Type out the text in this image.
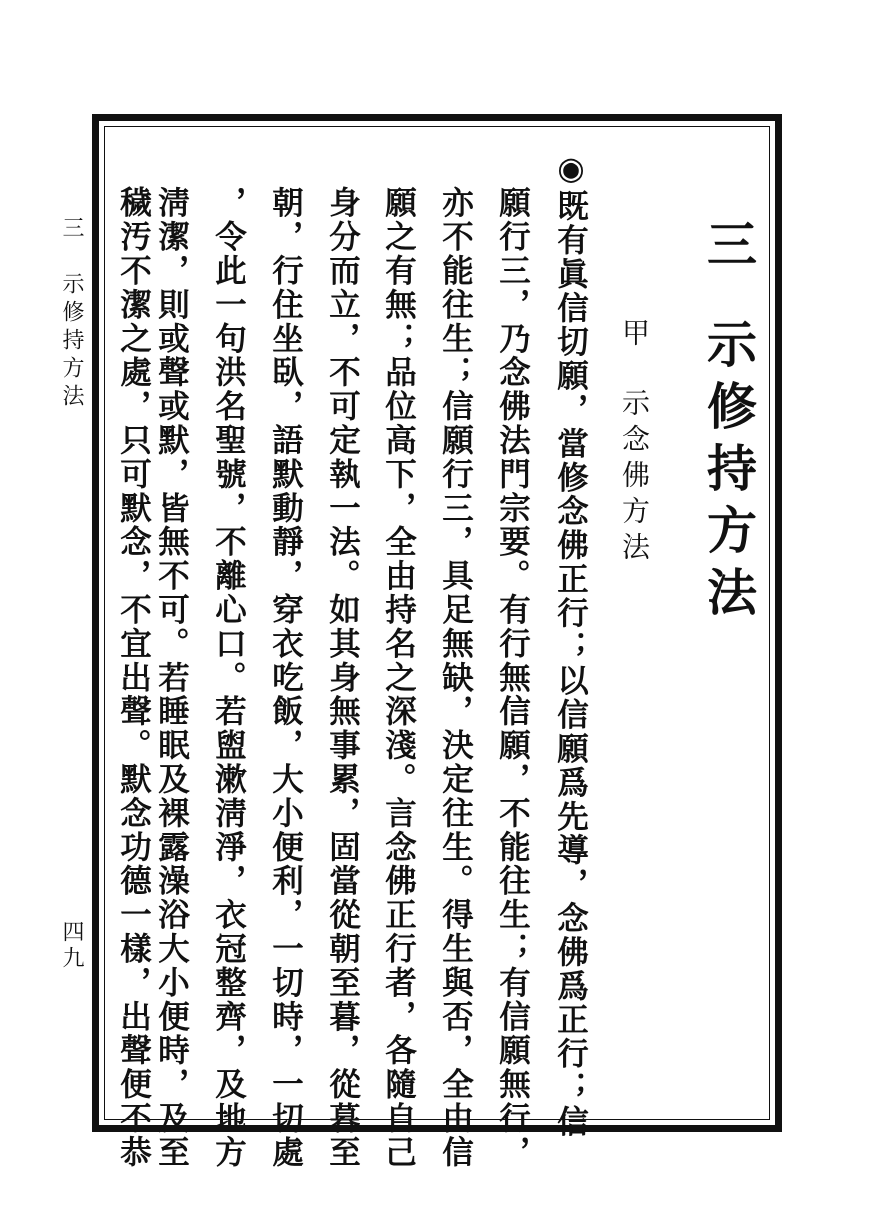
三　示修持方法
四九
三示修持方法
甲示念佛方法
◉既有眞信切願，當修念佛正行；以信願爲先導，念佛爲正行；信
願行三，乃念佛法門宗要。有行無信願，不能往生；有信願無行，
亦不能往生；信願行三，具足無缺，決定往生。得生與否，全由信
願之有無；品位高下，全由持名之深淺。言念佛正行者，各隨自己
身分而立，不可定執一法。如其身無事累，固當從朝至暮，從暮至
朝，行住坐臥，語默動靜，穿衣吃飯，大小便利，一切時，一切處
，令此一句洪名聖號，不離心口。若盥漱淸淨，衣冠整齊，及地方
淸潔，則或聲或默，皆無不可。若睡眠及裸露澡浴大小便時，及至
穢汚不潔之處，只可默念，不宜出聲。默念功德一樣，出聲便不恭
